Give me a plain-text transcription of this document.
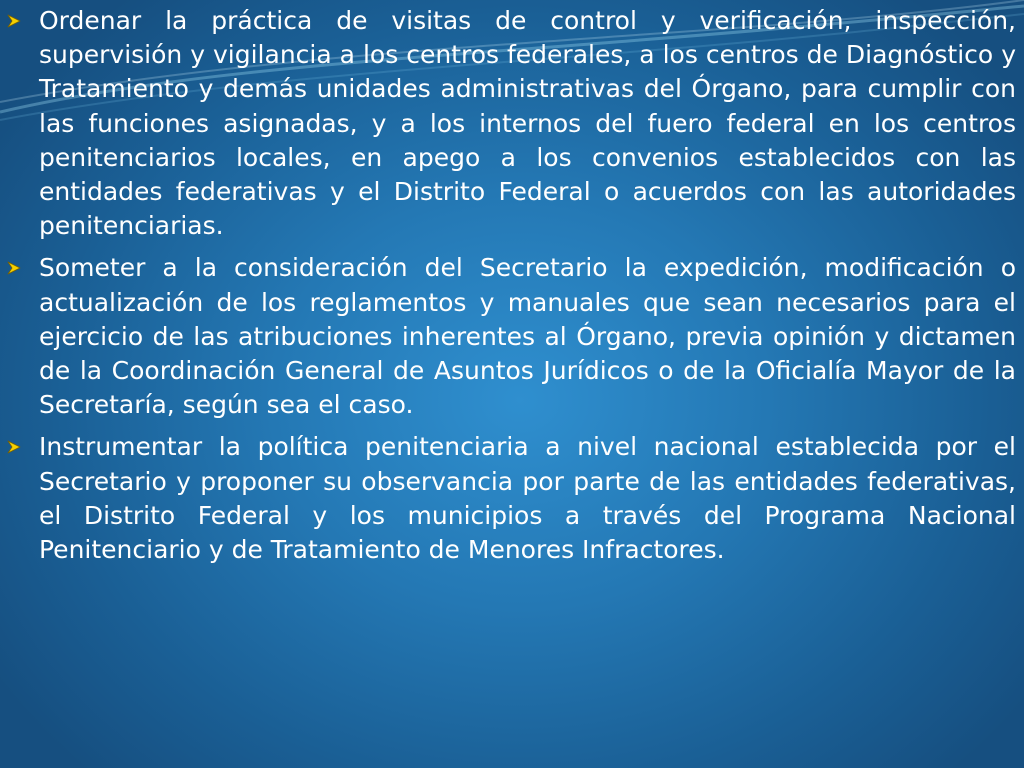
Ordenar la práctica de visitas de control y verificación, inspección, supervisión y vigilancia a los centros federales, a los centros de Diagnóstico y Tratamiento y demás unidades administrativas del Órgano, para cumplir con las funciones asignadas, y a los internos del fuero federal en los centros penitenciarios locales, en apego a los convenios establecidos con las entidades federativas y el Distrito Federal o acuerdos con las autoridades penitenciarias.
Someter a la consideración del Secretario la expedición, modificación o actualización de los reglamentos y manuales que sean necesarios para el ejercicio de las atribuciones inherentes al Órgano, previa opinión y dictamen de la Coordinación General de Asuntos Jurídicos o de la Oficialía Mayor de la Secretaría, según sea el caso.
Instrumentar la política penitenciaria a nivel nacional establecida por el Secretario y proponer su observancia por parte de las entidades federativas, el Distrito Federal y los municipios a través del Programa Nacional Penitenciario y de Tratamiento de Menores Infractores.
